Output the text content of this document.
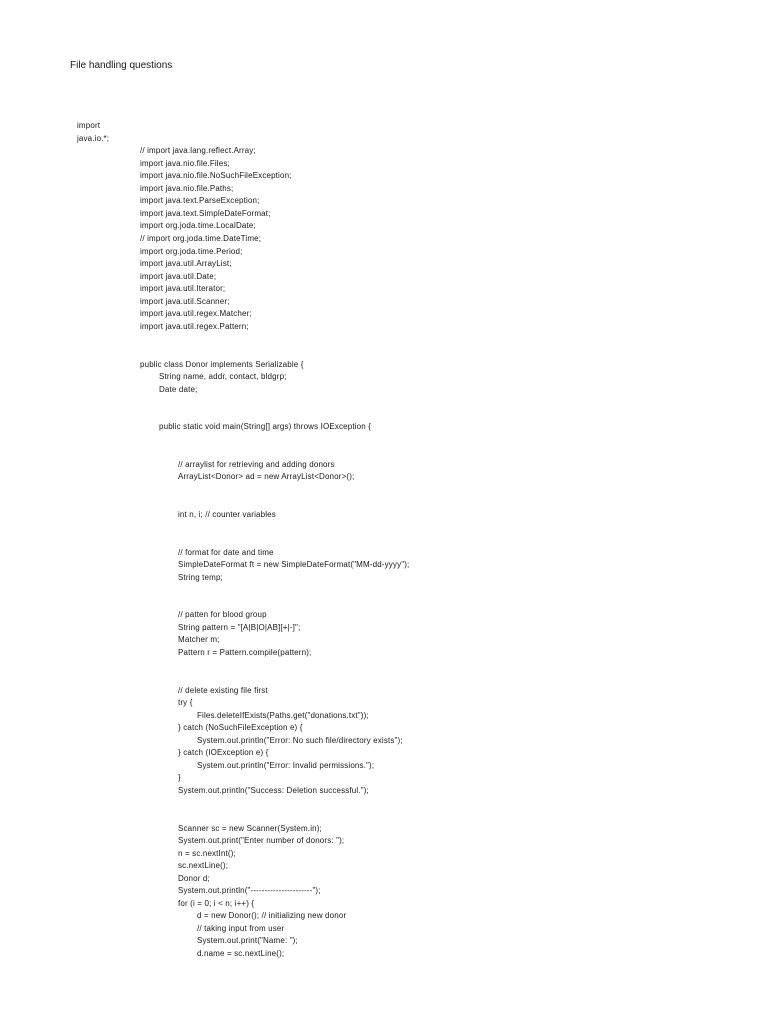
File handling questions
import
java.io.*;
// import java.lang.reflect.Array;
import java.nio.file.Files;
import java.nio.file.NoSuchFileException;
import java.nio.file.Paths;
import java.text.ParseException;
import java.text.SimpleDateFormat;
import org.joda.time.LocalDate;
// import org.joda.time.DateTime;
import org.joda.time.Period;
import java.util.ArrayList;
import java.util.Date;
import java.util.Iterator;
import java.util.Scanner;
import java.util.regex.Matcher;
import java.util.regex.Pattern;
public class Donor implements Serializable {
String name, addr, contact, bldgrp;
Date date;
public static void main(String[] args) throws IOException {
// arraylist for retrieving and adding donors
ArrayList<Donor> ad = new ArrayList<Donor>();
int n, i; // counter variables
// format for date and time
SimpleDateFormat ft = new SimpleDateFormat("MM-dd-yyyy");
String temp;
// patten for blood group
String pattern = "[A|B|O|AB][+|-]";
Matcher m;
Pattern r = Pattern.compile(pattern);
// delete existing file first
try {
Files.deleteIfExists(Paths.get("donations.txt"));
} catch (NoSuchFileException e) {
System.out.println("Error: No such file/directory exists");
} catch (IOException e) {
System.out.println("Error: Invalid permissions.");
}
System.out.println("Success: Deletion successful.");
Scanner sc = new Scanner(System.in);
System.out.print("Enter number of donors: ");
n = sc.nextInt();
sc.nextLine();
Donor d;
System.out.println("----------------------");
for (i = 0; i < n; i++) {
d = new Donor(); // initializing new donor
// taking input from user
System.out.print("Name: ");
d.name = sc.nextLine();
